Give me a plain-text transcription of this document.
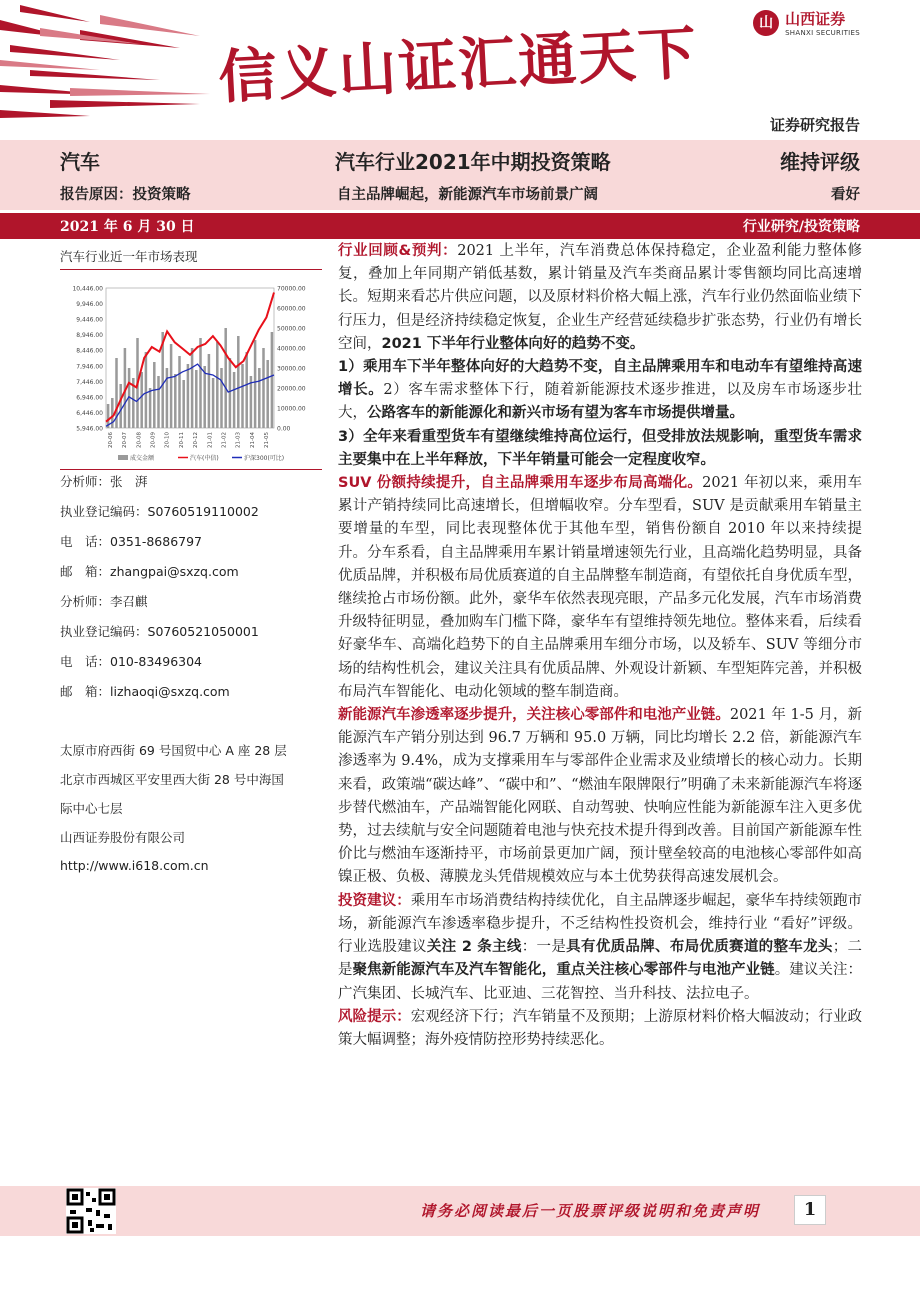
信义山证汇通天下	山 山西证券
SHANXI SECURITIES
证券研究报告
汽车	汽车行业2021年中期投资策略	维持评级
报告原因：投资策略	自主品牌崛起，新能源汽车市场前景广阔	看好
2021 年 6 月 30 日	行业研究/投资策略
汽车行业近一年市场表现
10,446.00
9,946.00
9,446.00
8,946.00
8,446.00
7,946.00
7,446.00
6,946.00
6,446.00
5,946.00
70000.00
60000.00
50000.00
40000.00
30000.00
20000.00
10000.00
0.00
20-06 20-07 20-08 20-09 20-10 20-11 20-12 21-01 21-02 21-03 21-04 21-05
成交金额	汽车(中信)	沪深300(可比)
分析师：张　湃
执业登记编码：S0760519110002
电　话：0351-8686797
邮　箱：zhangpai@sxzq.com
分析师：李召麒
执业登记编码：S0760521050001
电　话：010-83496304
邮　箱：lizhaoqi@sxzq.com
太原市府西街 69 号国贸中心 A 座 28 层
北京市西城区平安里西大街 28 号中海国
际中心七层
山西证券股份有限公司
http://www.i618.com.cn

行业回顾&预判：2021 上半年，汽车消费总体保持稳定，企业盈利能力整体修复，叠加上年同期产销低基数，累计销量及汽车类商品累计零售额均同比高速增长。短期来看芯片供应问题，以及原材料价格大幅上涨，汽车行业仍然面临业绩下行压力，但是经济持续稳定恢复，企业生产经营延续稳步扩张态势，行业仍有增长空间，2021 下半年行业整体向好的趋势不变。

1）乘用车下半年整体向好的大趋势不变，自主品牌乘用车和电动车有望维持高速增长。2）客车需求整体下行，随着新能源技术逐步推进，以及房车市场逐步壮大，公路客车的新能源化和新兴市场有望为客车市场提供增量。

3）全年来看重型货车有望继续维持高位运行，但受排放法规影响，重型货车需求主要集中在上半年释放，下半年销量可能会一定程度收窄。

SUV 份额持续提升，自主品牌乘用车逐步布局高端化。2021 年初以来，乘用车累计产销持续同比高速增长，但增幅收窄。分车型看，SUV 是贡献乘用车销量主要增量的车型，同比表现整体优于其他车型，销售份额自 2010 年以来持续提升。分车系看，自主品牌乘用车累计销量增速领先行业，且高端化趋势明显，具备优质品牌，并积极布局优质赛道的自主品牌整车制造商，有望依托自身优质车型，继续抢占市场份额。此外，豪华车依然表现亮眼，产品多元化发展，汽车市场消费升级特征明显，叠加购车门槛下降，豪华车有望维持领先地位。整体来看，后续看好豪华车、高端化趋势下的自主品牌乘用车细分市场，以及轿车、SUV 等细分市场的结构性机会，建议关注具有优质品牌、外观设计新颖、车型矩阵完善，并积极布局汽车智能化、电动化领域的整车制造商。

新能源汽车渗透率逐步提升，关注核心零部件和电池产业链。2021 年 1-5 月，新能源汽车产销分别达到 96.7 万辆和 95.0 万辆，同比均增长 2.2 倍，新能源汽车渗透率为 9.4%，成为支撑乘用车与零部件企业需求及业绩增长的核心动力。长期来看，政策端“碳达峰”、“碳中和”、“燃油车限牌限行”明确了未来新能源汽车将逐步替代燃油车，产品端智能化网联、自动驾驶、快响应性能为新能源车注入更多优势，过去续航与安全问题随着电池与快充技术提升得到改善。目前国产新能源车性价比与燃油车逐渐持平，市场前景更加广阔，预计壁垒较高的电池核心零部件如高镍正极、负极、薄膜龙头凭借规模效应与本土优势获得高速发展机会。

投资建议：乘用车市场消费结构持续优化，自主品牌逐步崛起，豪华车持续领跑市场，新能源汽车渗透率稳步提升，不乏结构性投资机会，维持行业 “看好”评级。行业选股建议关注 2 条主线：一是具有优质品牌、布局优质赛道的整车龙头；二是聚焦新能源汽车及汽车智能化，重点关注核心零部件与电池产业链。建议关注：广汽集团、长城汽车、比亚迪、三花智控、当升科技、法拉电子。

风险提示：宏观经济下行；汽车销量不及预期；上游原材料价格大幅波动；行业政策大幅调整；海外疫情防控形势持续恶化。

请务必阅读最后一页股票评级说明和免责声明	1
